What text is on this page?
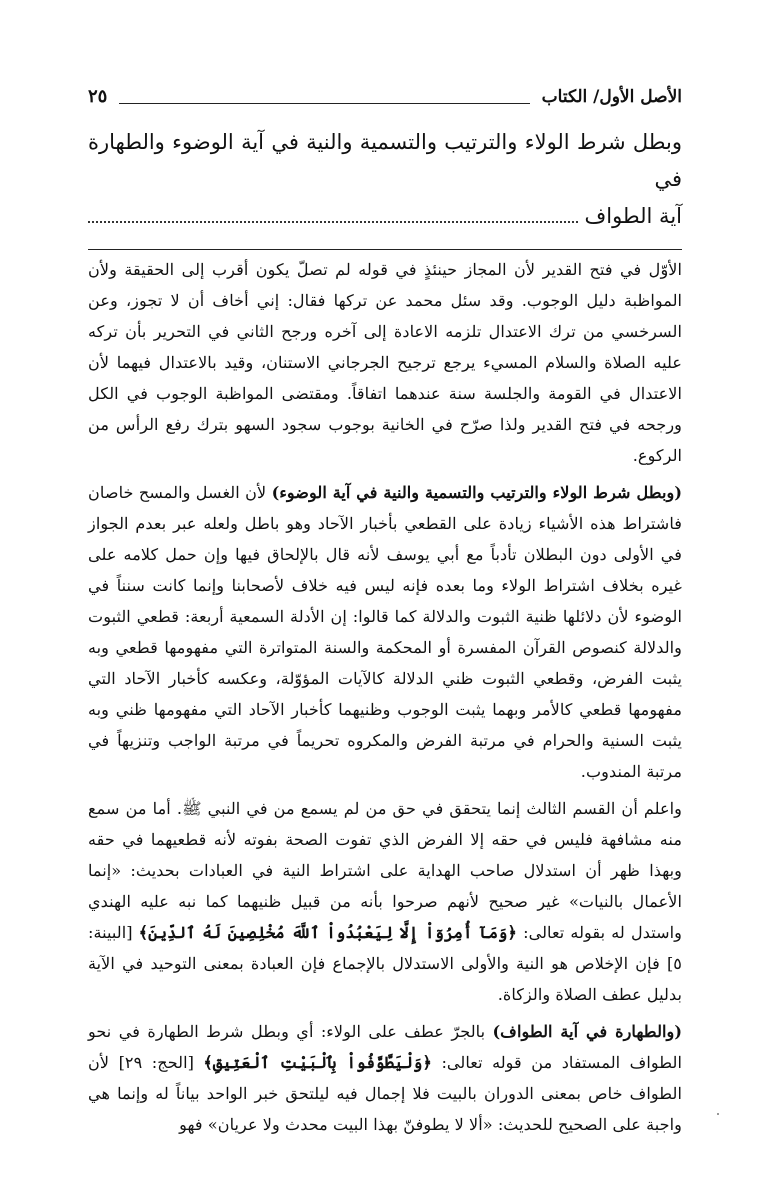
الأصل الأول/ الكتاب
٢٥
وبطل شرط الولاء والترتيب والتسمية والنية في آية الوضوء والطهارة في
آية الطواف

الأوّل في فتح القدير لأن المجاز حينئذٍ في قوله لم تصلّ يكون أقرب إلى الحقيقة ولأن المواظبة دليل الوجوب. وقد سئل محمد عن تركها فقال: إني أخاف أن لا تجوز، وعن السرخسي من ترك الاعتدال تلزمه الاعادة إلى آخره ورجح الثاني في التحرير بأن تركه عليه الصلاة والسلام المسيء يرجع ترجيح الجرجاني الاستنان، وقيد بالاعتدال فيهما لأن الاعتدال في القومة والجلسة سنة عندهما اتفاقاً. ومقتضى المواظبة الوجوب في الكل ورجحه في فتح القدير ولذا صرّح في الخانية بوجوب سجود السهو بترك رفع الرأس من الركوع.

(وبطل شرط الولاء والترتيب والتسمية والنية في آية الوضوء) لأن الغسل والمسح خاصان فاشتراط هذه الأشياء زيادة على القطعي بأخبار الآحاد وهو باطل ولعله عبر بعدم الجواز في الأولى دون البطلان تأدباً مع أبي يوسف لأنه قال بالإلحاق فيها وإن حمل كلامه على غيره بخلاف اشتراط الولاء وما بعده فإنه ليس فيه خلاف لأصحابنا وإنما كانت سنناً في الوضوء لأن دلائلها ظنية الثبوت والدلالة كما قالوا: إن الأدلة السمعية أربعة: قطعي الثبوت والدلالة كنصوص القرآن المفسرة أو المحكمة والسنة المتواترة التي مفهومها قطعي وبه يثبت الفرض، وقطعي الثبوت ظني الدلالة كالآيات المؤوّلة، وعكسه كأخبار الآحاد التي مفهومها قطعي كالأمر وبهما يثبت الوجوب وظنيهما كأخبار الآحاد التي مفهومها ظني وبه يثبت السنية والحرام في مرتبة الفرض والمكروه تحريماً في مرتبة الواجب وتنزيهاً في مرتبة المندوب.

واعلم أن القسم الثالث إنما يتحقق في حق من لم يسمع من في النبي ﷺ. أما من سمع منه مشافهة فليس في حقه إلا الفرض الذي تفوت الصحة بفوته لأنه قطعيهما في حقه وبهذا ظهر أن استدلال صاحب الهداية على اشتراط النية في العبادات بحديث: «إنما الأعمال بالنيات» غير صحيح لأنهم صرحوا بأنه من قبيل ظنيهما كما نبه عليه الهندي واستدل له بقوله تعالى: ﴿وَمَآ أُمِرُوٓاْ إِلَّا لِيَعْبُدُواْ ٱللَّهَ مُخْلِصِينَ لَهُ ٱلدِّينَ﴾ [البينة: ٥] فإن الإخلاص هو النية والأولى الاستدلال بالإجماع فإن العبادة بمعنى التوحيد في الآية بدليل عطف الصلاة والزكاة.

(والطهارة في آية الطواف) بالجرّ عطف على الولاء: أي وبطل شرط الطهارة في نحو الطواف المستفاد من قوله تعالى: ﴿وَلْيَطَّوَّفُواْ بِٱلْبَيْتِ ٱلْعَتِيقِ﴾ [الحج: ٢٩] لأن الطواف خاص بمعنى الدوران بالبيت فلا إجمال فيه ليلتحق خبر الواحد بياناً له وإنما هي واجبة على الصحيح للحديث: «ألا لا يطوفنّ بهذا البيت محدث ولا عريان» فهو
